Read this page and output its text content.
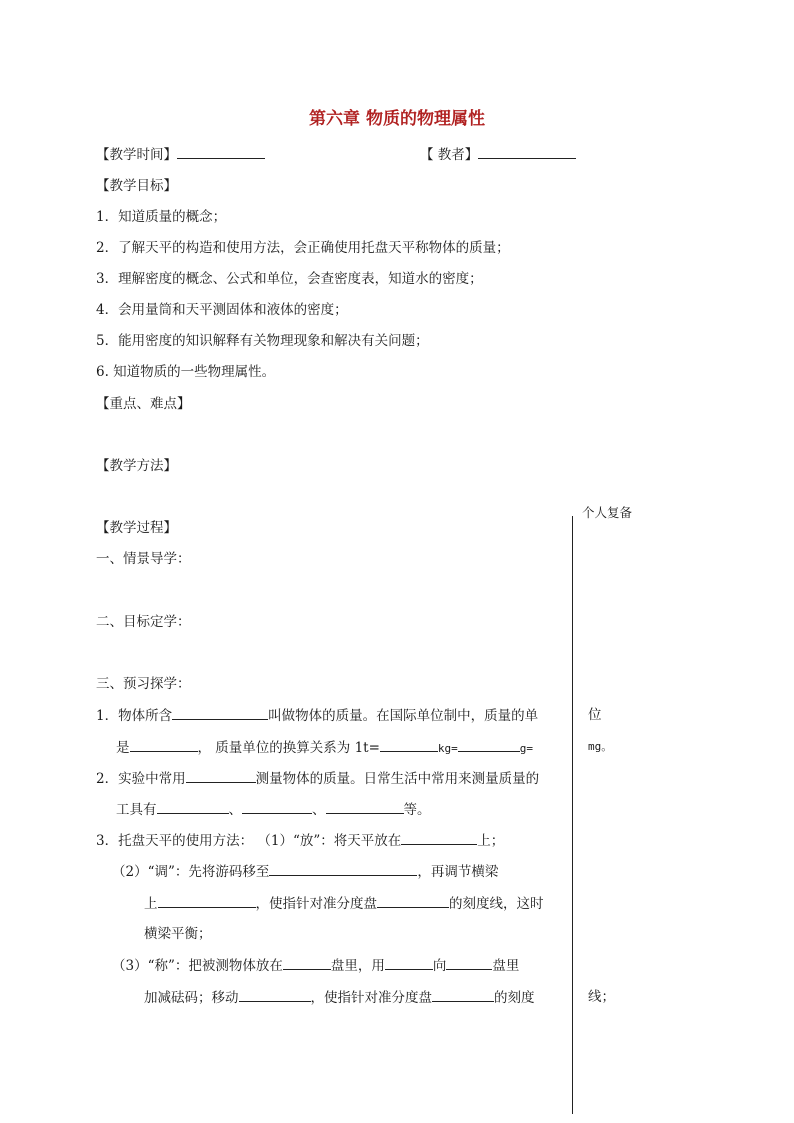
第六章 物质的物理属性
【教学时间】	【 教者】
【教学目标】
1．知道质量的概念；
2．了解天平的构造和使用方法，会正确使用托盘天平称物体的质量；
3．理解密度的概念、公式和单位，会查密度表，知道水的密度；
4．会用量筒和天平测固体和液体的密度；
5．能用密度的知识解释有关物理现象和解决有关问题；
6. 知道物质的一些物理属性。
【重点、难点】
【教学方法】
个人复备
【教学过程】
一、情景导学：
二、目标定学：
三、预习探学：
1．物体所含	叫做物体的质量。在国际单位制中，质量的单	位
是	， 质量单位的换算关系为 1t=	kg=	g=	mg。
2．实验中常用	测量物体的质量。日常生活中常用来测量质量的
工具有	、	、	等。
3．托盘天平的使用方法： （1）“放”：将天平放在	上；
（2）“调”：先将游码移至	，再调节横梁
上	，使指针对准分度盘	的刻度线，这时
横梁平衡；
（3）“称”：把被测物体放在	盘里，用	向	盘里
加减砝码；移动	，使指针对准分度盘	的刻度	线；
